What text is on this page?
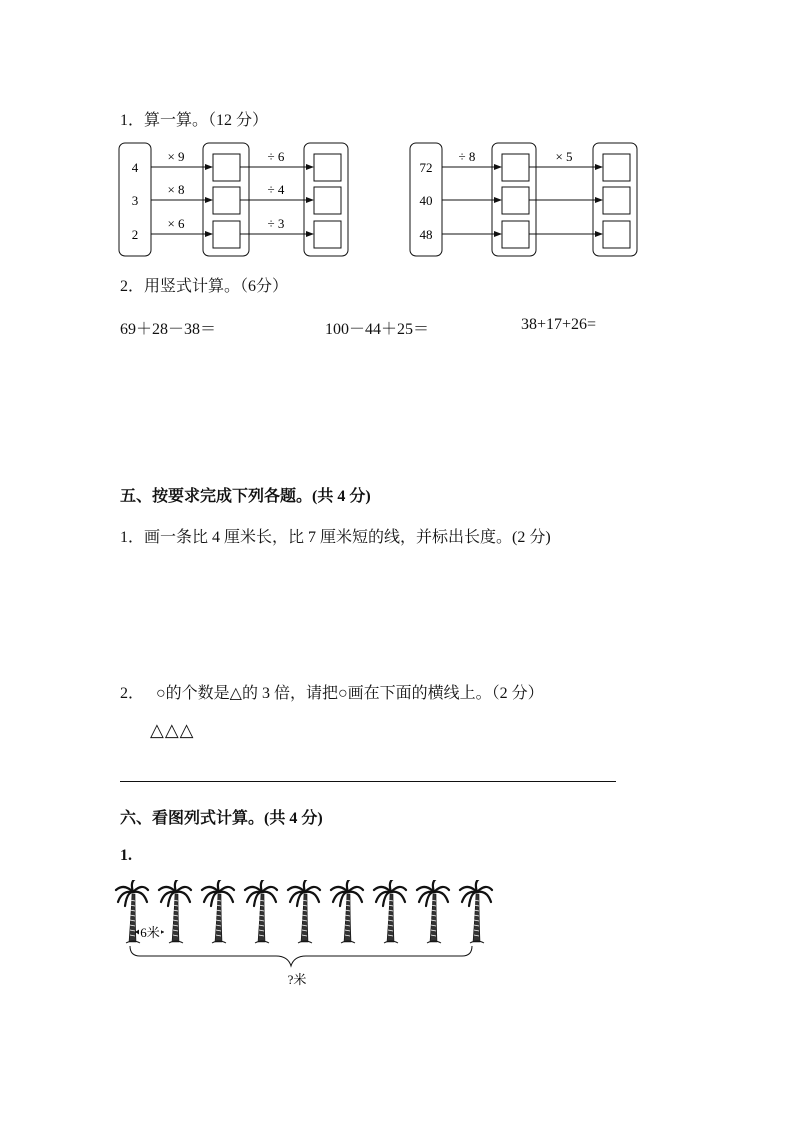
1．算一算。（12 分）
4
× 9	÷ 6
3
× 8	÷ 4
2
× 6	÷ 3
÷ 8	× 5
72
40
48
2．用竖式计算。（6分）
69＋28－38＝	100－44＋25＝	38+17+26=
五、按要求完成下列各题。(共 4 分)
1．画一条比 4 厘米长，比 7 厘米短的线，并标出长度。(2 分)
2．   ○的个数是△的 3 倍，请把○画在下面的横线上。（2 分）
△△△
六、看图列式计算。(共 4 分)
1.
6米
?米
